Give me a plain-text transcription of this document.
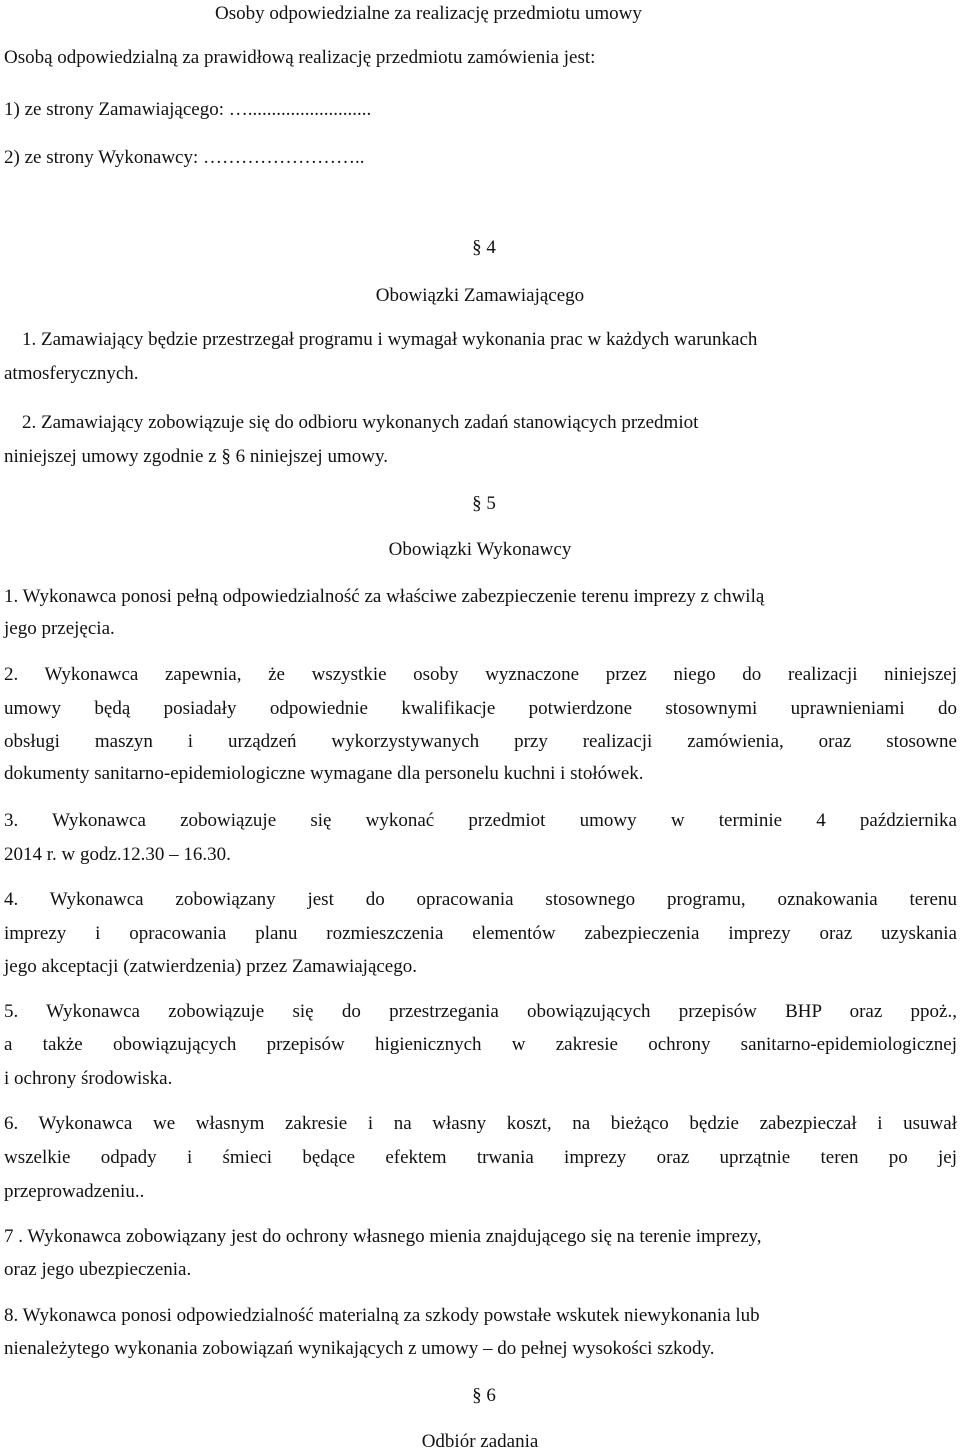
Osoby odpowiedzialne za realizację przedmiotu umowy
Osobą odpowiedzialną za prawidłową realizację przedmiotu zamówienia jest:
1) ze strony Zamawiającego: …..........................
2) ze strony Wykonawcy: ……………………..
§ 4
Obowiązki Zamawiającego
1. Zamawiający będzie przestrzegał programu i wymagał wykonania prac w każdych warunkach
atmosferycznych.
2. Zamawiający zobowiązuje się do odbioru wykonanych zadań stanowiących przedmiot
niniejszej umowy zgodnie z § 6 niniejszej umowy.
§ 5
Obowiązki Wykonawcy
1. Wykonawca ponosi pełną odpowiedzialność za właściwe zabezpieczenie terenu imprezy z chwilą
jego przejęcia.
2. Wykonawca zapewnia, że wszystkie osoby wyznaczone przez niego do realizacji niniejszej
umowy będą posiadały odpowiednie kwalifikacje potwierdzone stosownymi uprawnieniami do
obsługi maszyn i urządzeń wykorzystywanych przy realizacji zamówienia, oraz stosowne
dokumenty sanitarno-epidemiologiczne wymagane dla personelu kuchni i stołówek.
3. Wykonawca zobowiązuje się wykonać przedmiot umowy w terminie 4 października
2014 r. w godz.12.30 – 16.30.
4. Wykonawca zobowiązany jest do opracowania stosownego programu, oznakowania terenu
imprezy i opracowania planu rozmieszczenia elementów zabezpieczenia imprezy oraz uzyskania
jego akceptacji (zatwierdzenia) przez Zamawiającego.
5. Wykonawca zobowiązuje się do przestrzegania obowiązujących przepisów BHP oraz ppoż.,
a także obowiązujących przepisów higienicznych w zakresie ochrony sanitarno-epidemiologicznej
i ochrony środowiska.
6. Wykonawca we własnym zakresie i na własny koszt, na bieżąco będzie zabezpieczał i usuwał
wszelkie odpady i śmieci będące efektem trwania imprezy oraz uprzątnie teren po jej
przeprowadzeniu..
7 . Wykonawca zobowiązany jest do ochrony własnego mienia znajdującego się na terenie imprezy,
oraz jego ubezpieczenia.
8. Wykonawca ponosi odpowiedzialność materialną za szkody powstałe wskutek niewykonania lub
nienależytego wykonania zobowiązań wynikających z umowy – do pełnej wysokości szkody.
§ 6
Odbiór zadania
